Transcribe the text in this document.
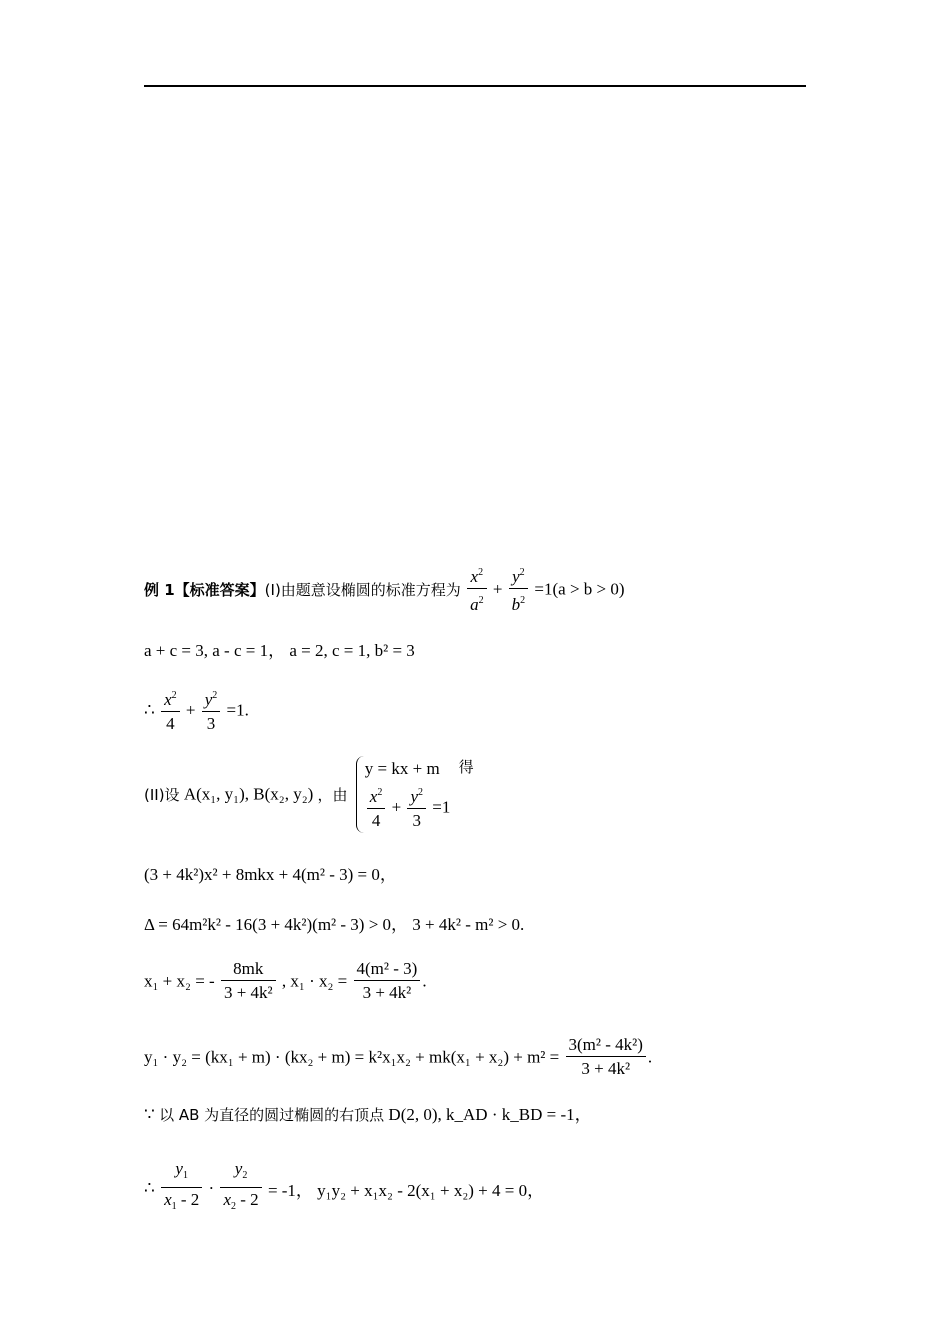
例 1【标准答案】(I)由题意设椭圆的标准方程为 $\frac{x^2}{a^2} + \frac{y^2}{b^2} =1(a > b > 0)$
a + c = 3, a - c = 1， a = 2, c = 1, b² = 3
∴ $\frac{x^2}{4} + \frac{y^2}{3} =1$.
(II)设 A(x₁, y₁), B(x₂, y₂) ，由
y = kx + m
$\frac{x^2}{4} + \frac{y^2}{3} =1$
得
(3 + 4k²)x² + 8mkx + 4(m² - 3) = 0，
Δ = 64m²k² - 16(3 + 4k²)(m² - 3) > 0， 3 + 4k² - m² > 0.
x₁ + x₂ = - $\frac{8mk}{\text{3 + 4k²}}$ , $x_1 \cdot x_2 = \frac{\text{4(m² - 3)}}{\text{3 + 4k²}}$ .
$y_1 \cdot y_2 = (kx_1 + m) \cdot (kx_2 + m) = k^2x_1x_2 + mk(x_1 + x_2) + m^2 = \frac{\text{3(m² - 4k²)}}{\text{3 + 4k²}}$ .
∵ 以 AB 为直径的圆过椭圆的右顶点 D(2, 0), k_AD · k_BD = -1，
∴ $\frac{y_1}{x_1 - 2} \cdot \frac{y_2}{x_2 - 2} = -1$， y₁y₂ + x₁x₂ - 2(x₁ + x₂) + 4 = 0，
